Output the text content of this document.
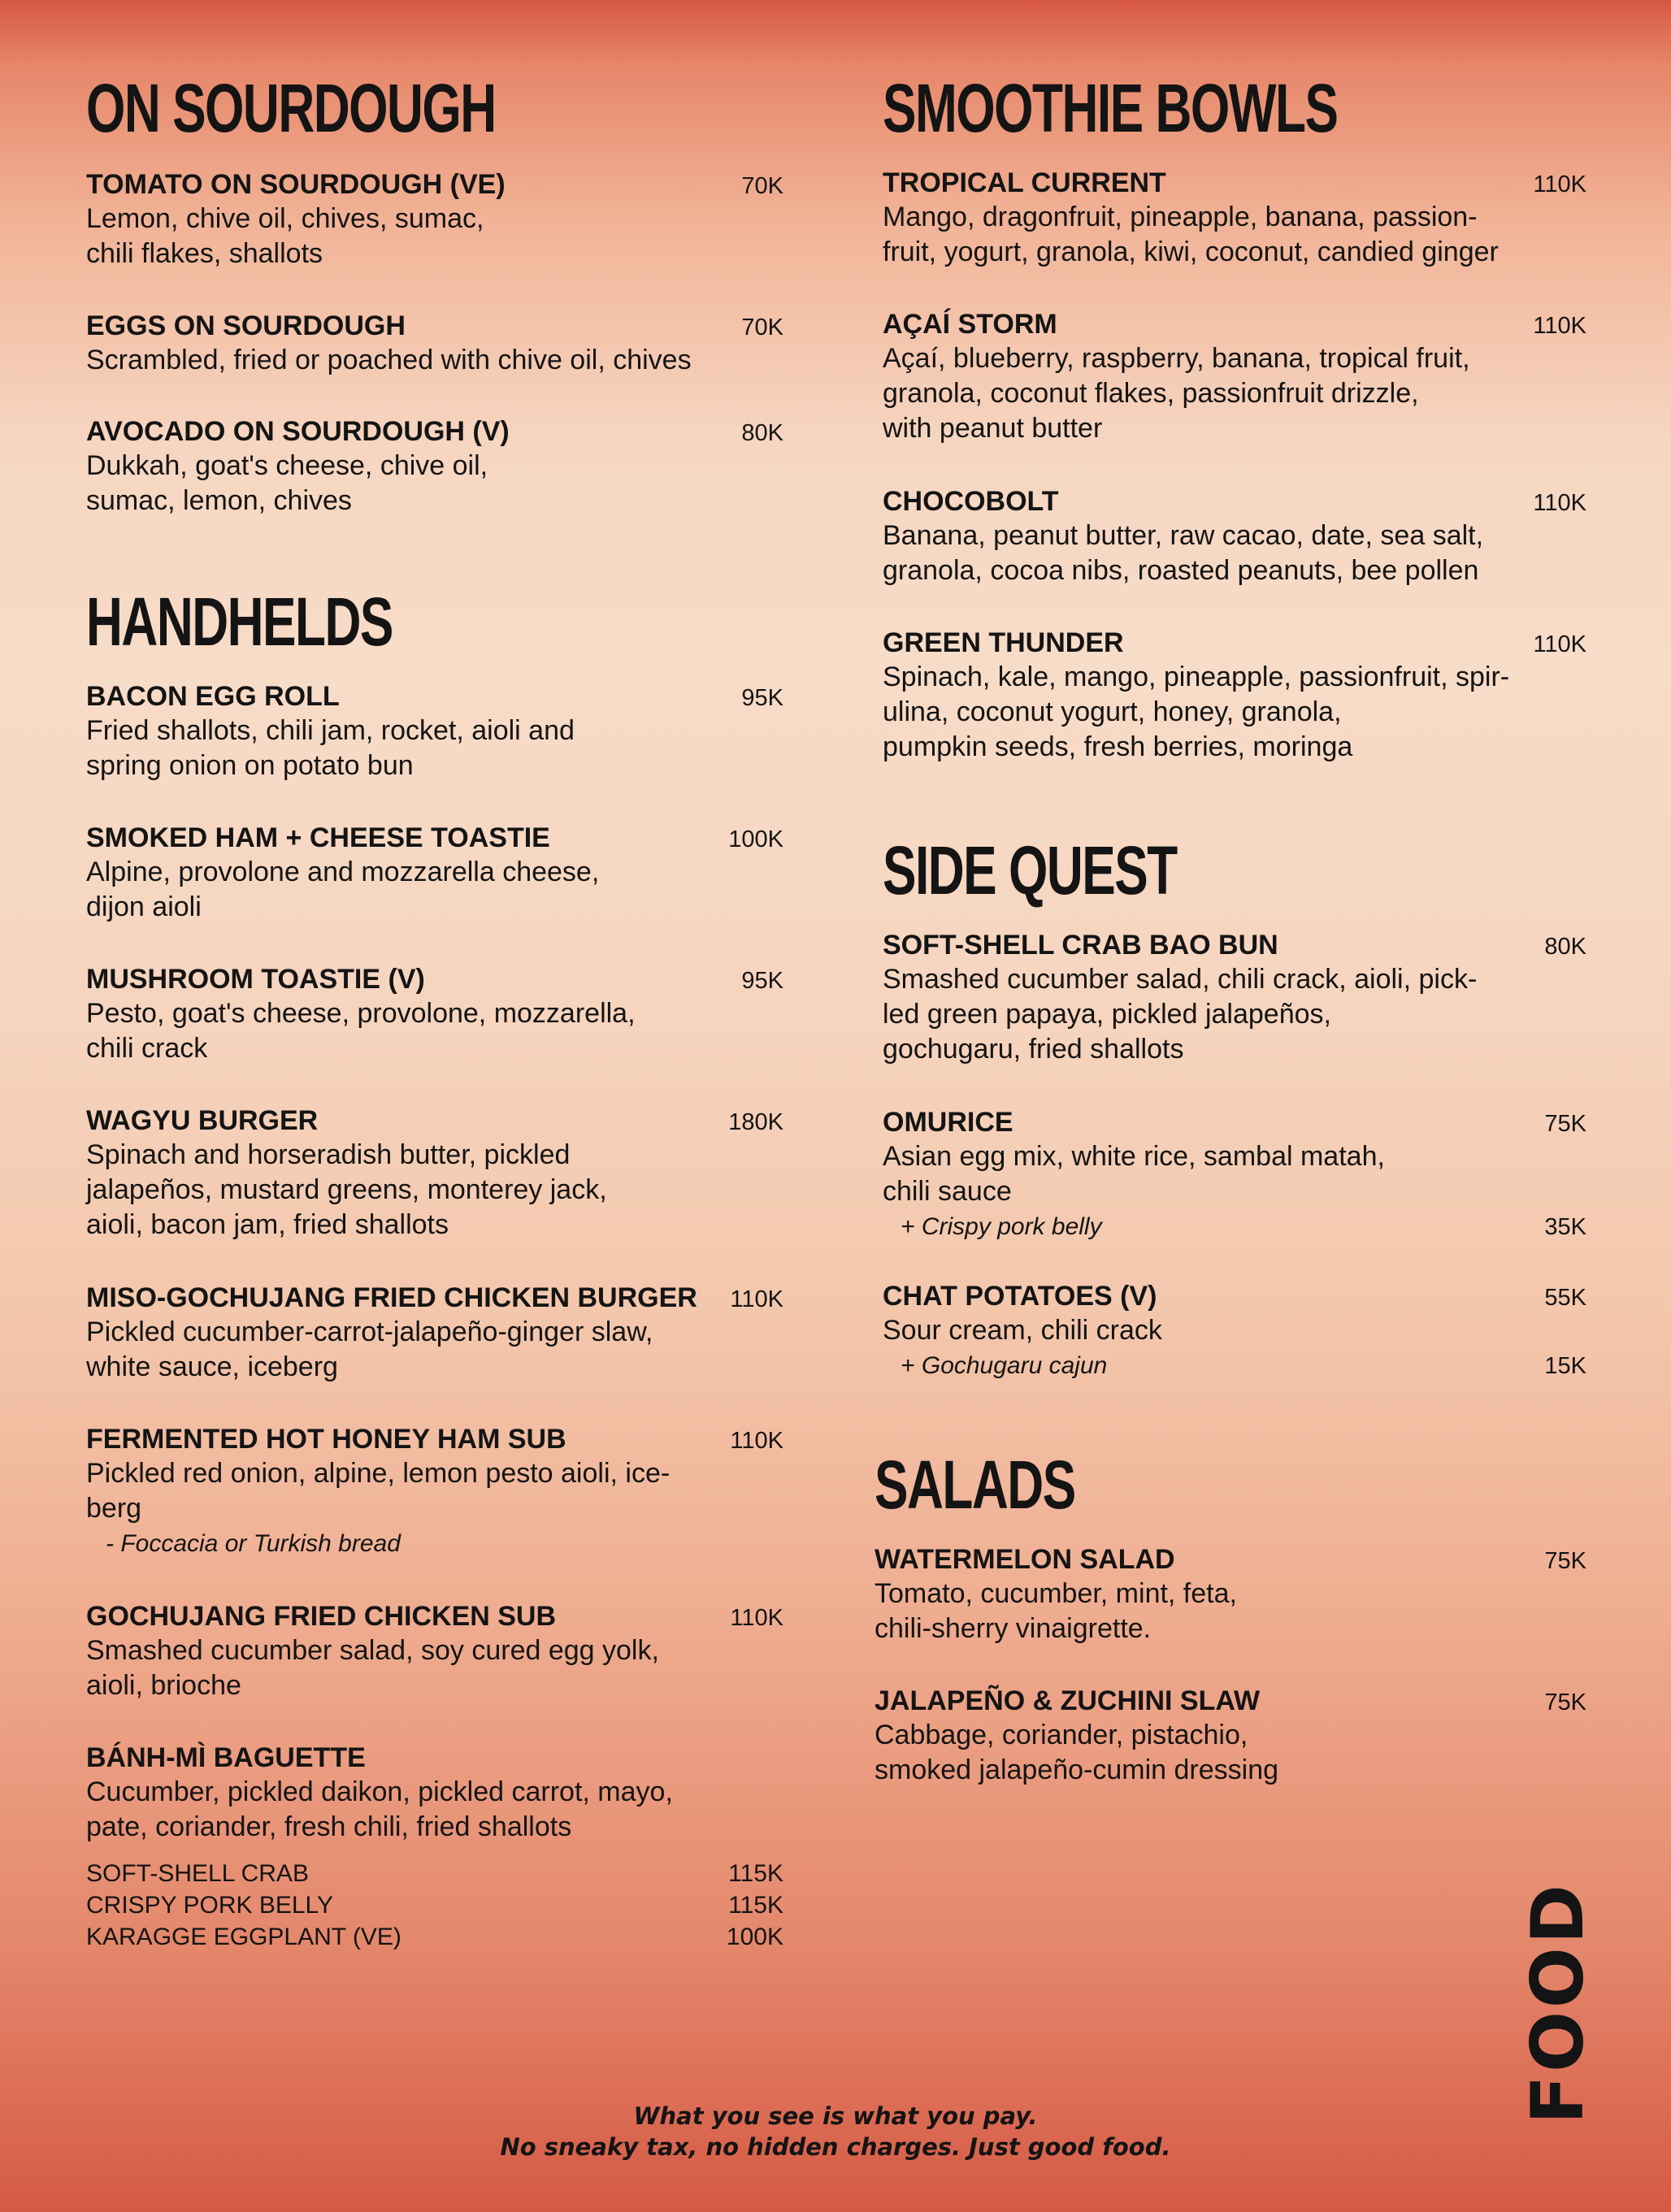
ON SOURDOUGH
TOMATO ON SOURDOUGH (VE)	70K
Lemon, chive oil, chives, sumac,
chili flakes, shallots
EGGS ON SOURDOUGH	70K
Scrambled, fried or poached with chive oil, chives
AVOCADO ON SOURDOUGH (V)	80K
Dukkah, goat's cheese, chive oil,
sumac, lemon, chives
HANDHELDS
BACON EGG ROLL	95K
Fried shallots, chili jam, rocket, aioli and
spring onion on potato bun
SMOKED HAM + CHEESE TOASTIE	100K
Alpine, provolone and mozzarella cheese,
dijon aioli
MUSHROOM TOASTIE (V)	95K
Pesto, goat's cheese, provolone, mozzarella,
chili crack
WAGYU BURGER	180K
Spinach and horseradish butter, pickled
jalapeños, mustard greens, monterey jack,
aioli, bacon jam, fried shallots
MISO-GOCHUJANG FRIED CHICKEN BURGER	110K
Pickled cucumber-carrot-jalapeño-ginger slaw,
white sauce, iceberg
FERMENTED HOT HONEY HAM SUB	110K
Pickled red onion, alpine, lemon pesto aioli, ice-
berg
- Foccacia or Turkish bread
GOCHUJANG FRIED CHICKEN SUB	110K
Smashed cucumber salad, soy cured egg yolk,
aioli, brioche
BÁNH-MÌ BAGUETTE
Cucumber, pickled daikon, pickled carrot, mayo,
pate, coriander, fresh chili, fried shallots
SOFT-SHELL CRAB	115K
CRISPY PORK BELLY	115K
KARAGGE EGGPLANT (VE)	100K
SMOOTHIE BOWLS
TROPICAL CURRENT	110K
Mango, dragonfruit, pineapple, banana, passion-
fruit, yogurt, granola, kiwi, coconut, candied ginger
AÇAÍ STORM	110K
Açaí, blueberry, raspberry, banana, tropical fruit,
granola, coconut flakes, passionfruit drizzle,
with peanut butter
CHOCOBOLT	110K
Banana, peanut butter, raw cacao, date, sea salt,
granola, cocoa nibs, roasted peanuts, bee pollen
GREEN THUNDER	110K
Spinach, kale, mango, pineapple, passionfruit, spir-
ulina, coconut yogurt, honey, granola,
pumpkin seeds, fresh berries, moringa
SIDE QUEST
SOFT-SHELL CRAB BAO BUN	80K
Smashed cucumber salad, chili crack, aioli, pick-
led green papaya, pickled jalapeños,
gochugaru, fried shallots
OMURICE	75K
Asian egg mix, white rice, sambal matah,
chili sauce
+ Crispy pork belly	35K
CHAT POTATOES (V)	55K
Sour cream, chili crack
+ Gochugaru cajun	15K
SALADS
WATERMELON SALAD	75K
Tomato, cucumber, mint, feta,
chili-sherry vinaigrette.
JALAPEÑO & ZUCHINI SLAW	75K
Cabbage, coriander, pistachio,
smoked jalapeño-cumin dressing
FOOD
What you see is what you pay.
No sneaky tax, no hidden charges. Just good food.
